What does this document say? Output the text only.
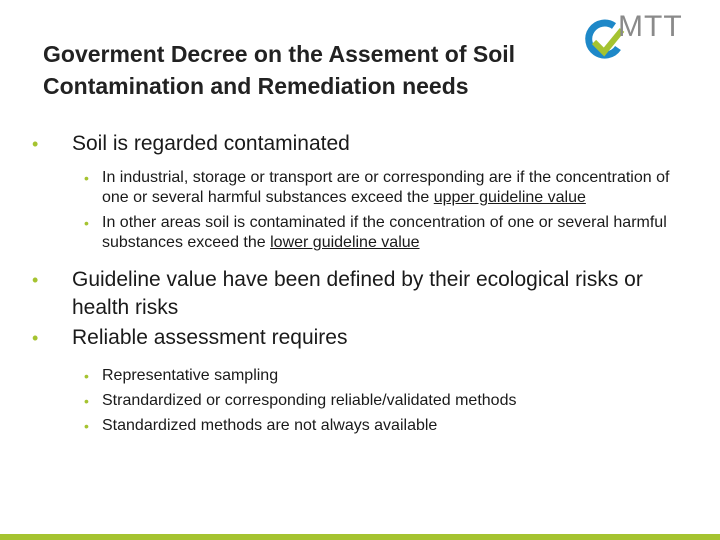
MTT
Goverment Decree on the Assement of Soil
Contamination and Remediation needs
• Soil is regarded contaminated
• In industrial, storage or transport are or corresponding are if the concentration of one or several harmful substances exceed the upper guideline value
• In other areas soil is contaminated if the concentration of one or several harmful substances exceed the lower guideline value
• Guideline value have been defined by their ecological risks or health risks
• Reliable assessment requires
• Representative sampling
• Strandardized or corresponding reliable/validated methods
• Standardized methods are not always available
